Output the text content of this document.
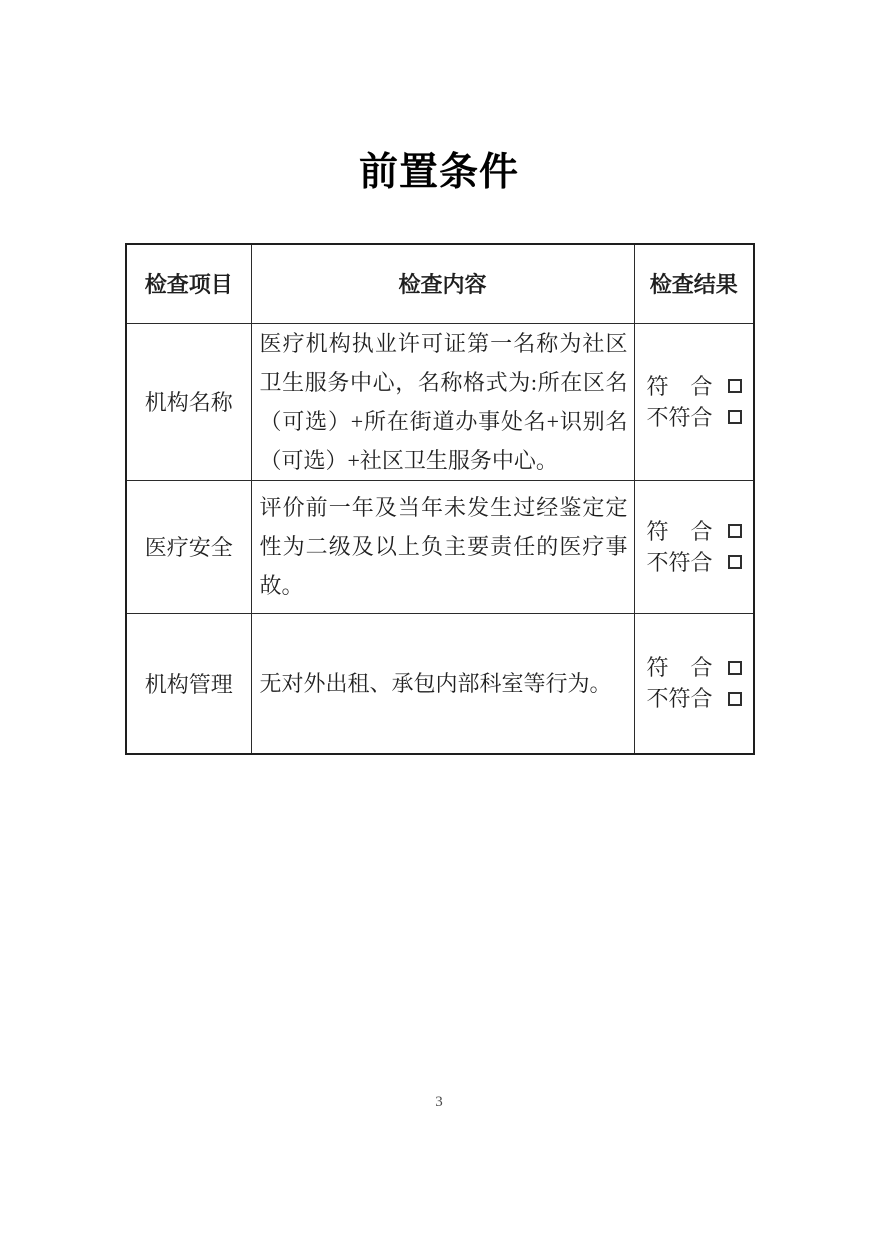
前置条件
检查项目	检查内容	检查结果
机构名称	医疗机构执业许可证第一名称为社区卫生服务中心，名称格式为:所在区名（可选）+所在街道办事处名+识别名（可选）+社区卫生服务中心。	符合
不符合

医疗安全	评价前一年及当年未发生过经鉴定定性为二级及以上负主要责任的医疗事故。	符合
不符合

机构管理	无对外出租、承包内部科室等行为。	符合
不符合
3
